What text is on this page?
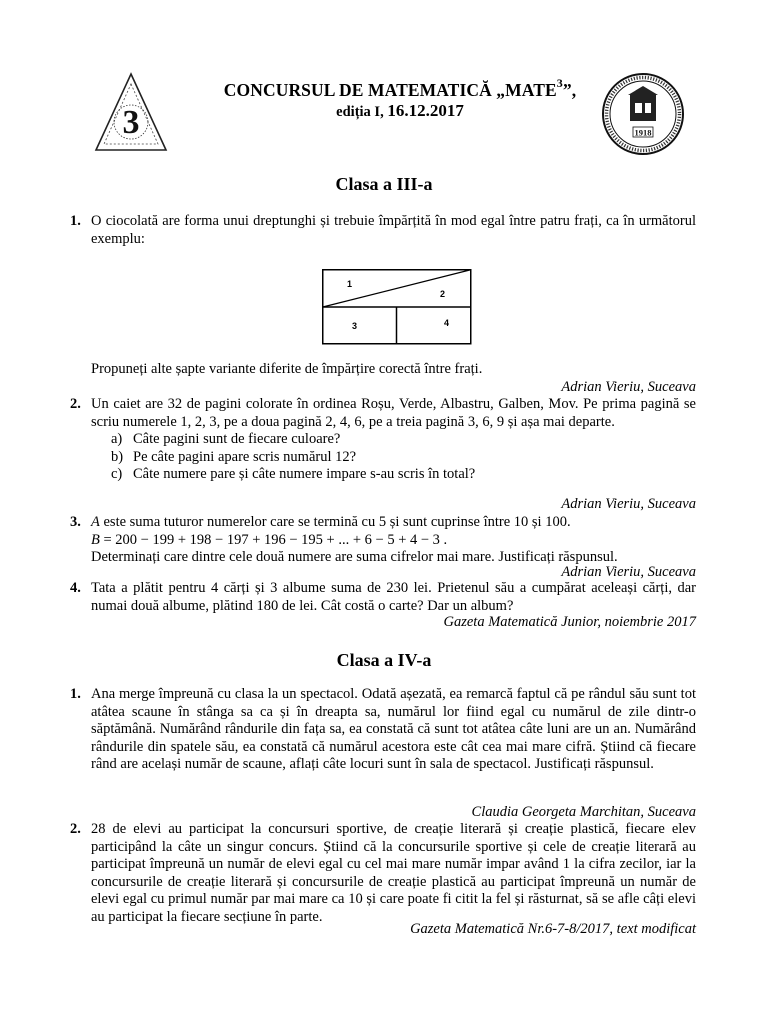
3	1918
CONCURSUL DE MATEMATICĂ „MATE$^3$”,
ediția I, 16.12.2017
Clasa a III-a
1. O ciocolată are forma unui dreptunghi și trebuie împărțită în mod egal între patru frați, ca în următorul exemplu:
1
2
3	4
Propuneți alte șapte variante diferite de împărțire corectă între frați.
Adrian Vieriu, Suceava
2. Un caiet are 32 de pagini colorate în ordinea Roșu, Verde, Albastru, Galben, Mov. Pe prima pagină se scriu numerele 1, 2, 3, pe a doua pagină 2, 4, 6, pe a treia pagină 3, 6, 9 și așa mai departe.
a) Câte pagini sunt de fiecare culoare?
b) Pe câte pagini apare scris numărul 12?
c) Câte numere pare și câte numere impare s-au scris în total?
Adrian Vieriu, Suceava
3. A este suma tuturor numerelor care se termină cu 5 și sunt cuprinse între 10 și 100.
B = 200 − 199 + 198 − 197 + 196 − 195 + ... + 6 − 5 + 4 − 3 .
Determinați care dintre cele două numere are suma cifrelor mai mare. Justificați răspunsul.
Adrian Vieriu, Suceava
4. Tata a plătit pentru 4 cărți și 3 albume suma de 230 lei. Prietenul său a cumpărat aceleași cărți, dar numai două albume, plătind 180 de lei. Cât costă o carte? Dar un album?
Gazeta Matematică Junior, noiembrie 2017
Clasa a IV-a
1. Ana merge împreună cu clasa la un spectacol. Odată așezată, ea remarcă faptul că pe rândul său sunt tot atâtea scaune în stânga sa ca și în dreapta sa, numărul lor fiind egal cu numărul de zile dintr-o săptămână. Numărând rândurile din fața sa, ea constată că sunt tot atâtea câte luni are un an. Numărând rândurile din spatele său, ea constată că numărul acestora este cât cea mai mare cifră. Știind că fiecare rând are același număr de scaune, aflați câte locuri sunt în sala de spectacol. Justificați răspunsul.
Claudia Georgeta Marchitan, Suceava
2. 28 de elevi au participat la concursuri sportive, de creație literară și creație plastică, fiecare elev participând la câte un singur concurs. Știind că la concursurile sportive și cele de creație literară au participat împreună un număr de elevi egal cu cel mai mare număr impar având 1 la cifra zecilor, iar la concursurile de creație literară și concursurile de creație plastică au participat împreună un număr de elevi egal cu primul număr par mai mare ca 10 și care poate fi citit la fel și răsturnat, să se afle câți elevi au participat la fiecare secțiune în parte.
Gazeta Matematică Nr.6-7-8/2017, text modificat
